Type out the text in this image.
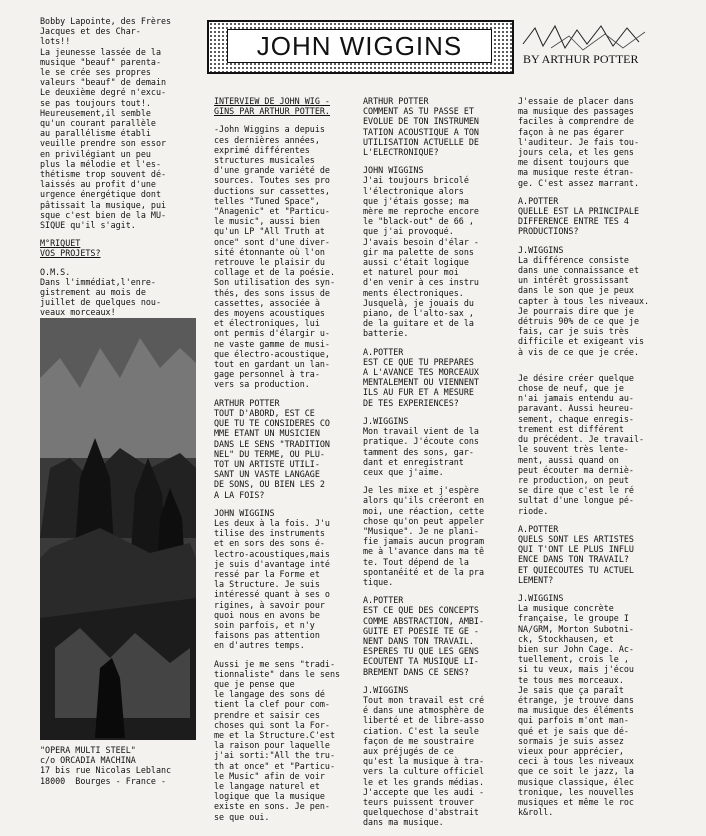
JOHN WIGGINS	BY ARTHUR POTTER

Bobby Lapointe, des Frères
Jacques et des Char-
lots!!
La jeunesse lassée de la
musique "beauf" parenta-
le se crée ses propres
valeurs "beauf" de demain
Le deuxième degré n'excu-
se pas toujours tout!.
Heureusement,il semble
qu'un courant parallèle
au parallélisme établi
veuille prendre son essor
en privilégiant un peu
plus la mélodie et l'es-
thétisme trop souvent dé-
laissés au profit d'une
urgence énergétique dont
pâtissait la musique, pui
sque c'est bien de la MU-
SIQUE qu'il s'agit.

M°RIQUET
VOS PROJETS?

O.M.S.
Dans l'immédiat,l'enre-
gistrement au mois de
juillet de quelques nou-
veaux morceaux!

"OPERA MULTI STEEL"
c/o ORCADIA MACHINA
17 bis rue Nicolas Leblanc
18000  Bourges - France -

INTERVIEW DE JOHN WIG -
GINS PAR ARTHUR POTTER.

-John Wiggins a depuis
ces dernières années,
exprimé différentes
structures musicales
d'une grande variété de
sources. Toutes ses pro
ductions sur cassettes,
telles "Tuned Space",
"Anagenic" et "Particu-
le music", aussi bien
qu'un LP "All Truth at
once" sont d'une diver-
sité étonnante où l'on
retrouve le plaisir du
collage et de la poésie.
Son utilisation des syn-
thés, des sons issus de
cassettes, associée à
des moyens acoustiques
et électroniques, lui
ont permis d'élargir u-
ne vaste gamme de musi-
que électro-acoustique,
tout en gardant un lan-
gage personnel à tra-
vers sa production.

ARTHUR POTTER
TOUT D'ABORD, EST CE
QUE TU TE CONSIDERES CO
MME ETANT UN MUSICIEN
DANS LE SENS "TRADITION
NEL" DU TERME, OU PLU-
TOT UN ARTISTE UTILI-
SANT UN VASTE LANGAGE
DE SONS, OU BIEN LES 2
A LA FOIS?

JOHN WIGGINS
Les deux à la fois. J'u
tilise des instruments
et en sors des sons é-
lectro-acoustiques,mais
je suis d'avantage inté
ressé par la Forme et
la Structure. Je suis
intéressé quant à ses o
rigines, à savoir pour
quoi nous en avons be
soin parfois, et n'y
faisons pas attention
en d'autres temps.

Aussi je me sens "tradi-
tionnaliste" dans le sens
que je pense que
le langage des sons dé
tient la clef pour com-
prendre et saisir ces
choses qui sont la For-
me et la Structure.C'est
la raison pour laquelle
j'ai sorti:"All the tru-
th at once" et "Particu-
le Music" afin de voir
le langage naturel et
logique que la musique
existe en sons. Je pen-
se que oui.

ARTHUR POTTER
COMMENT AS TU PASSE ET
EVOLUE DE TON INSTRUMEN
TATION ACOUSTIQUE A TON
UTILISATION ACTUELLE DE
L'ELECTRONIQUE?

JOHN WIGGINS
J'ai toujours bricolé
l'électronique alors
que j'étais gosse; ma
mère me reproche encore
le "black-out" de 66 ,
que j'ai provoqué.
J'avais besoin d'élar -
gir ma palette de sons
aussi c'était logique
et naturel pour moi
d'en venir à ces instru
ments électroniques.
Jusquelà, je jouais du
piano, de l'alto-sax ,
de la guitare et de la
batterie.

A.POTTER
EST CE QUE TU PREPARES
A L'AVANCE TES MORCEAUX
MENTALEMENT OU VIENNENT
ILS AU FUR ET A MESURE
DE TES EXPERIENCES?

J.WIGGINS
Mon travail vient de la
pratique. J'écoute cons
tamment des sons, gar-
dant et enregistrant
ceux que j'aime.

Je les mixe et j'espère
alors qu'ils créeront en
moi, une réaction, cette
chose qu'on peut appeler
"Musique". Je ne plani-
fie jamais aucun program
me à l'avance dans ma tê
te. Tout dépend de la
spontanéité et de la pra
tique.

A.POTTER
EST CE QUE DES CONCEPTS
COMME ABSTRACTION, AMBI-
GUITE ET POESIE TE GE -
NENT DANS TON TRAVAIL.
ESPERES TU QUE LES GENS
ECOUTENT TA MUSIQUE LI-
BREMENT DANS CE SENS?

J.WIGGINS
Tout mon travail est cré
é dans une atmosphère de
liberté et de libre-asso
ciation. C'est la seule
façon de me soustraire
aux préjugés de ce
qu'est la musique à tra-
vers la culture officiel
le et les grands médias.
J'accepte que les audi -
teurs puissent trouver
quelquechose d'abstrait
dans ma musique.

J'essaie de placer dans
ma musique des passages
faciles à comprendre de
façon à ne pas égarer
l'auditeur. Je fais tou-
jours cela, et les gens
me disent toujours que
ma musique reste étran-
ge. C'est assez marrant.

A.POTTER
QUELLE EST LA PRINCIPALE
DIFFERENCE ENTRE TES 4
PRODUCTIONS?

J.WIGGINS
La différence consiste
dans une connaissance et
un intérêt grossissant
dans le son que je peux
capter à tous les niveaux.
Je pourrais dire que je
détruis 90% de ce que je
fais, car je suis très
difficile et exigeant vis
à vis de ce que je crée.

Je désire créer quelque
chose de neuf, que je
n'ai jamais entendu au-
paravant. Aussi heureu-
sement, chaque enregis-
trement est différent
du précédent. Je travail-
le souvent très lente-
ment, aussi quand on
peut écouter ma derniè-
re production, on peut
se dire que c'est le ré
sultat d'une longue pé-
riode.

A.POTTER
QUELS SONT LES ARTISTES
QUI T'ONT LE PLUS INFLU
ENCE DANS TON TRAVAIL?
ET QUIECOUTES TU ACTUEL
LEMENT?

J.WIGGINS
La musique concrète
française, le groupe I
NA/GRM, Morton Subotni-
ck, Stockhausen, et
bien sur John Cage. Ac-
tuellement, crois le ,
si tu veux, mais j'écou
te tous mes morceaux.
Je sais que ça paraît
étrange, je trouve dans
ma musique des éléments
qui parfois m'ont man-
qué et je sais que dé-
sormais je suis assez
vieux pour apprécier,
ceci à tous les niveaux
que ce soit le jazz, la
musique classique, élec
tronique, les nouvelles
musiques et même le roc
k&roll.
